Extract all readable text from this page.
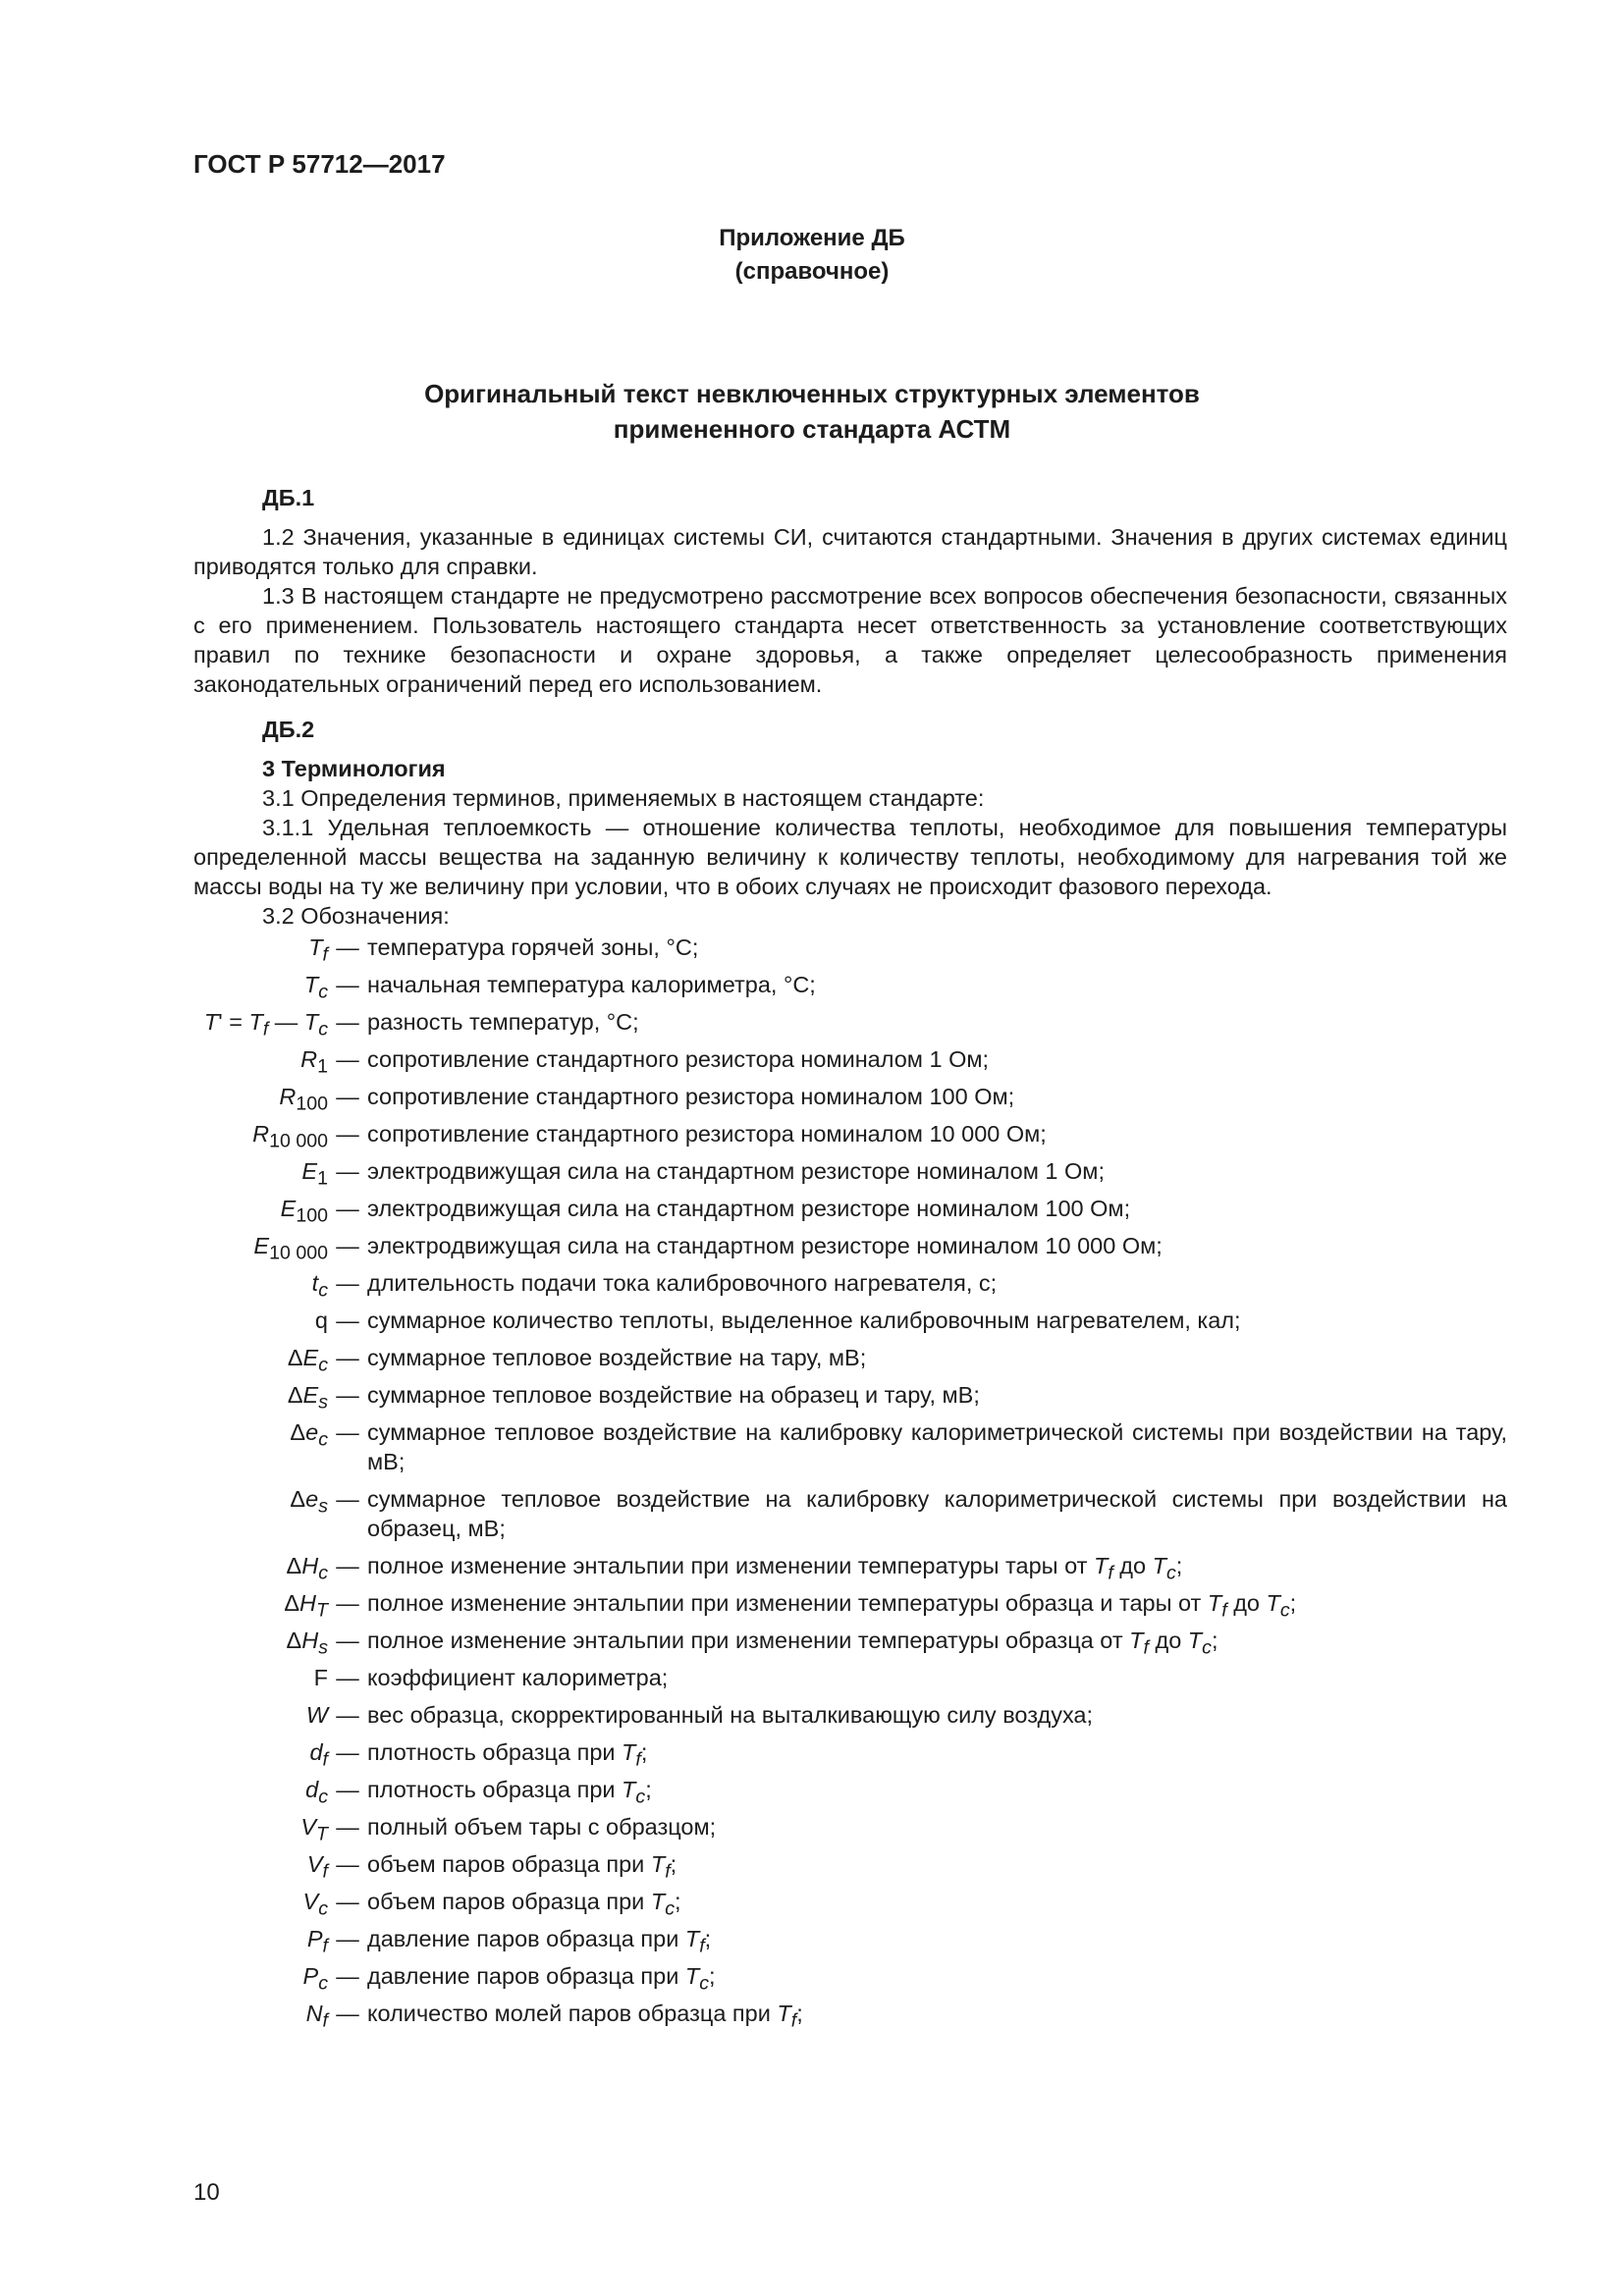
ГОСТ Р 57712—2017
Приложение ДБ
(справочное)
Оригинальный текст невключенных структурных элементов
примененного стандарта АСТМ
ДБ.1

1.2 Значения, указанные в единицах системы СИ, считаются стандартными. Значения в других системах единиц приводятся только для справки.

1.3 В настоящем стандарте не предусмотрено рассмотрение всех вопросов обеспечения безопасности, связанных с его применением. Пользователь настоящего стандарта несет ответственность за установление соответствующих правил по технике безопасности и охране здоровья, а также определяет целесообразность применения законодательных ограничений перед его использованием.

ДБ.2

3 Терминология

3.1 Определения терминов, применяемых в настоящем стандарте:

3.1.1 Удельная теплоемкость — отношение количества теплоты, необходимое для повышения температуры определенной массы вещества на заданную величину к количеству теплоты, необходимому для нагревания той же массы воды на ту же величину при условии, что в обоих случаях не происходит фазового перехода.

3.2 Обозначения:

$T_f$ — температура горячей зоны, °C;
$T_c$ — начальная температура калориметра, °C;
$T' = T_f$ — $T_c$ — разность температур, °C;
$R_1$ — сопротивление стандартного резистора номиналом 1 Ом;
$R_{100}$ — сопротивление стандартного резистора номиналом 100 Ом;
$R_{10 000}$ — сопротивление стандартного резистора номиналом 10 000 Ом;
$E_1$ — электродвижущая сила на стандартном резисторе номиналом 1 Ом;
$E_{100}$ — электродвижущая сила на стандартном резисторе номиналом 100 Ом;
$E_{10 000}$ — электродвижущая сила на стандартном резисторе номиналом 10 000 Ом;
$t_c$ — длительность подачи тока калибровочного нагревателя, с;
q — суммарное количество теплоты, выделенное калибровочным нагревателем, кал;
$\Delta E_c$ — суммарное тепловое воздействие на тару, мВ;
$\Delta E_s$ — суммарное тепловое воздействие на образец и тару, мВ;
$\Delta e_c$ — суммарное тепловое воздействие на калибровку калориметрической системы при воздействии на тару, мВ;
$\Delta e_s$ — суммарное тепловое воздействие на калибровку калориметрической системы при воздействии на образец, мВ;
$\Delta H_c$ — полное изменение энтальпии при изменении температуры тары от $T_f$ до $T_c$;
$\Delta H_T$ — полное изменение энтальпии при изменении температуры образца и тары от $T_f$ до $T_c$;
$\Delta H_s$ — полное изменение энтальпии при изменении температуры образца от $T_f$ до $T_c$;
F — коэффициент калориметра;
W — вес образца, скорректированный на выталкивающую силу воздуха;
$d_f$ — плотность образца при $T_f$;
$d_c$ — плотность образца при $T_c$;
$V_T$ — полный объем тары с образцом;
$V_f$ — объем паров образца при $T_f$;
$V_c$ — объем паров образца при $T_c$;
$P_f$ — давление паров образца при $T_f$;
$P_c$ — давление паров образца при $T_c$;
$N_f$ — количество молей паров образца при $T_f$;
10
